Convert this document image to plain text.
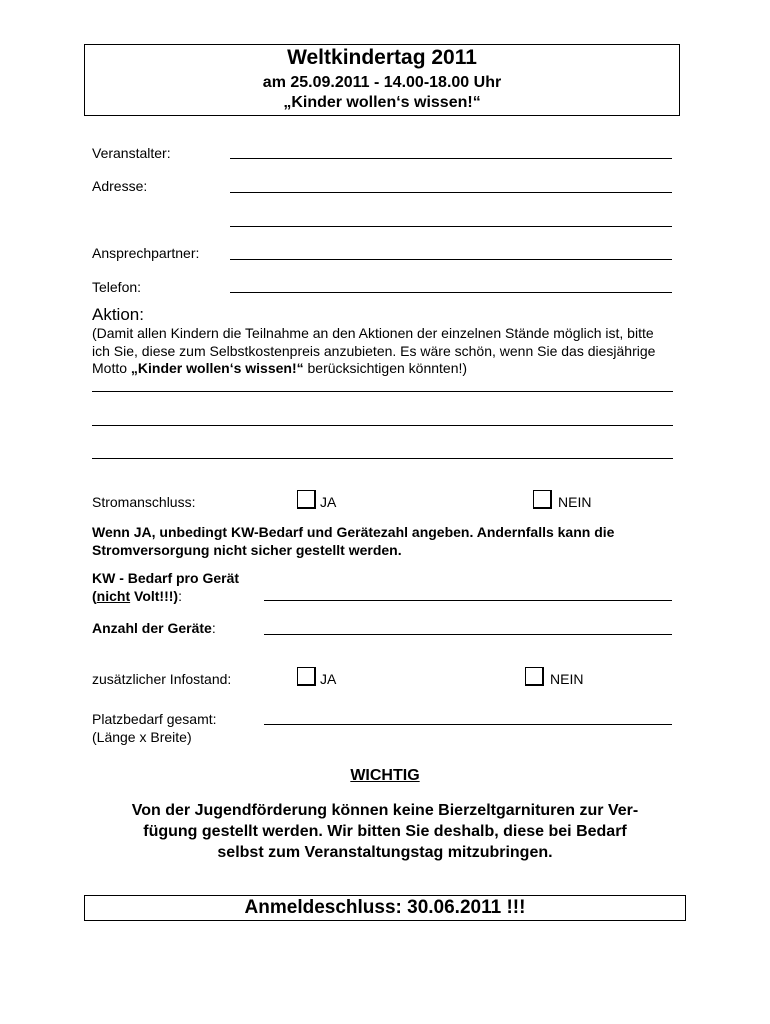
Weltkindertag 2011
am 25.09.2011 - 14.00-18.00 Uhr
„Kinder wollen‘s wissen!“
Veranstalter:
Adresse:
Ansprechpartner:
Telefon:
Aktion:
(Damit allen Kindern die Teilnahme an den Aktionen der einzelnen Stände möglich ist, bitte ich Sie, diese zum Selbstkostenpreis anzubieten. Es wäre schön, wenn Sie das diesjährige Motto „Kinder wollen‘s wissen!“ berücksichtigen könnten!)
Stromanschluss:	JA	NEIN
Wenn JA, unbedingt KW-Bedarf und Gerätezahl angeben. Andernfalls kann die Stromversorgung nicht sicher gestellt werden.
KW - Bedarf pro Gerät
(nicht Volt!!!):
Anzahl der Geräte:
zusätzlicher Infostand:	JA	NEIN
Platzbedarf gesamt:
(Länge x Breite)
WICHTIG
Von der Jugendförderung können keine Bierzeltgarnituren zur Ver-
fügung gestellt werden. Wir bitten Sie deshalb, diese bei Bedarf
selbst zum Veranstaltungstag mitzubringen.
Anmeldeschluss: 30.06.2011 !!!
